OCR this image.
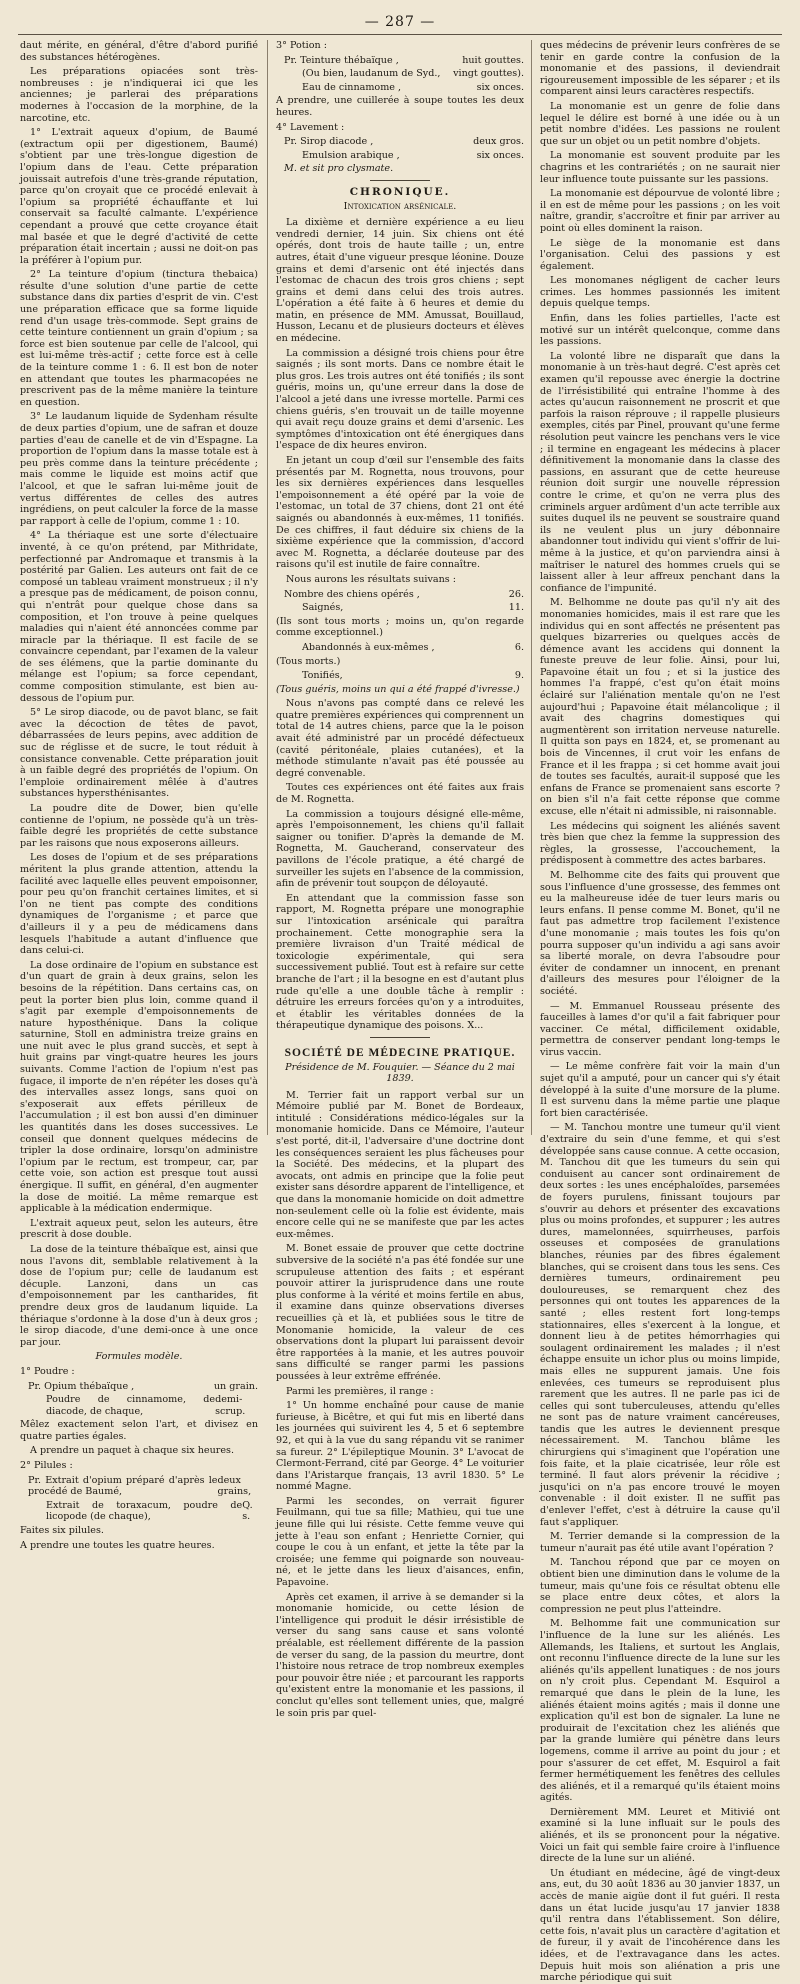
— 287 —

daut mérite, en général, d'être d'abord purifié des substances hétérogènes.

Les préparations opiacées sont très-nombreuses : je n'indiquerai ici que les anciennes; je parlerai des préparations modernes à l'occasion de la morphine, de la narcotine, etc.

1° L'extrait aqueux d'opium, de Baumé (extractum opii per digestionem, Baumé) s'obtient par une très-longue digestion de l'opium dans de l'eau. Cette préparation jouissait autrefois d'une très-grande réputation, parce qu'on croyait que ce procédé enlevait à l'opium sa propriété échauffante et lui conservait sa faculté calmante. L'expérience cependant a prouvé que cette croyance était mal basée et que le degré d'activité de cette préparation était incertain ; aussi ne doit-on pas la préférer à l'opium pur.

2° La teinture d'opium (tinctura thebaica) résulte d'une solution d'une partie de cette substance dans dix parties d'esprit de vin. C'est une préparation efficace que sa forme liquide rend d'un usage très-commode. Sept grains de cette teinture contiennent un grain d'opium ; sa force est bien soutenue par celle de l'alcool, qui est lui-même très-actif ; cette force est à celle de la teinture comme 1 : 6. Il est bon de noter en attendant que toutes les pharmacopées ne prescrivent pas de la même manière la teinture en question.

3° Le laudanum liquide de Sydenham résulte de deux parties d'opium, une de safran et douze parties d'eau de canelle et de vin d'Espagne. La proportion de l'opium dans la masse totale est à peu près comme dans la teinture précédente ; mais comme le liquide est moins actif que l'alcool, et que le safran lui-même jouit de vertus différentes de celles des autres ingrédiens, on peut calculer la force de la masse par rapport à celle de l'opium, comme 1 : 10.

4° La thériaque est une sorte d'électuaire inventé, à ce qu'on prétend, par Mithridate, perfectionné par Andromaque et transmis à la postérité par Galien. Les auteurs ont fait de ce composé un tableau vraiment monstrueux ; il n'y a presque pas de médicament, de poison connu, qui n'entrât pour quelque chose dans sa composition, et l'on trouve à peine quelques maladies qui n'aient été annoncées comme par miracle par la thériaque. Il est facile de se convaincre cependant, par l'examen de la valeur de ses élémens, que la partie dominante du mélange est l'opium; sa force cependant, comme composition stimulante, est bien au-dessous de l'opium pur.

5° Le sirop diacode, ou de pavot blanc, se fait avec la décoction de têtes de pavot, débarrassées de leurs pepins, avec addition de suc de réglisse et de sucre, le tout réduit à consistance convenable. Cette préparation jouit à un faible degré des propriétés de l'opium. On l'emploie ordinairement mêlée à d'autres substances hypersthénisantes.

La poudre dite de Dower, bien qu'elle contienne de l'opium, ne possède qu'à un très-faible degré les propriétés de cette substance par les raisons que nous exposerons ailleurs.

Les doses de l'opium et de ses préparations méritent la plus grande attention, attendu la facilité avec laquelle elles peuvent empoisonner, pour peu qu'on franchit certaines limites, et si l'on ne tient pas compte des conditions dynamiques de l'organisme ; et parce que d'ailleurs il y a peu de médicamens dans lesquels l'habitude a autant d'influence que dans celui-ci.

La dose ordinaire de l'opium en substance est d'un quart de grain à deux grains, selon les besoins de la répétition. Dans certains cas, on peut la porter bien plus loin, comme quand il s'agit par exemple d'empoisonnements de nature hyposthénique. Dans la colique saturnine, Stoll en administra treize grains en une nuit avec le plus grand succès, et sept à huit grains par vingt-quatre heures les jours suivants. Comme l'action de l'opium n'est pas fugace, il importe de n'en répéter les doses qu'à des intervalles assez longs, sans quoi on s'exposerait aux effets périlleux de l'accumulation ; il est bon aussi d'en diminuer les quantités dans les doses successives. Le conseil que donnent quelques médecins de tripler la dose ordinaire, lorsqu'on administre l'opium par le rectum, est trompeur, car, par cette voie, son action est presque tout aussi énergique. Il suffit, en général, d'en augmenter la dose de moitié. La même remarque est applicable à la médication endermique.

L'extrait aqueux peut, selon les auteurs, être prescrit à dose double.

La dose de la teinture thébaïque est, ainsi que nous l'avons dit, semblable relativement à la dose de l'opium pur; celle de laudanum est décuple. Lanzoni, dans un cas d'empoisonnement par les cantharides, fit prendre deux gros de laudanum liquide. La thériaque s'ordonne à la dose d'un à deux gros ; le sirop diacode, d'une demi-once à une once par jour.

Formules modèle.

1° Poudre :

Pr. Opium thébaïque ,	un grain.
Poudre de cinnamome, de diacode, de chaque,
demi-scrup.

Mêlez exactement selon l'art, et divisez en quatre parties égales.

A prendre un paquet à chaque six heures.

2° Pilules :

Pr. Extrait d'opium préparé d'après le procédé de Baumé,
deux grains,
Extrait de toraxacum, poudre de licopode (de chaque),
Q. s.

Faites six pilules.

A prendre une toutes les quatre heures.

3° Potion :

Pr. Teinture thébaïque ,	huit gouttes.
(Ou bien, laudanum de Syd., vingt gouttes).
Eau de cinnamome ,	six onces.

A prendre, une cuillerée à soupe toutes les deux heures.

4° Lavement :

Pr. Sirop diacode ,	deux gros.
Emulsion arabique ,	six onces.

M. et sit pro clysmate.

CHRONIQUE.

Intoxication arsénicale.

La dixième et dernière expérience a eu lieu vendredi dernier, 14 juin. Six chiens ont été opérés, dont trois de haute taille ; un, entre autres, était d'une vigueur presque léonine. Douze grains et demi d'arsenic ont été injectés dans l'estomac de chacun des trois gros chiens ; sept grains et demi dans celui des trois autres. L'opération a été faite à 6 heures et demie du matin, en présence de MM. Amussat, Bouillaud, Husson, Lecanu et de plusieurs docteurs et élèves en médecine.

La commission a désigné trois chiens pour être saignés ; ils sont morts. Dans ce nombre était le plus gros. Les trois autres ont été tonifiés ; ils sont guéris, moins un, qu'une erreur dans la dose de l'alcool a jeté dans une ivresse mortelle. Parmi ces chiens guéris, s'en trouvait un de taille moyenne qui avait reçu douze grains et demi d'arsenic. Les symptômes d'intoxication ont été énergiques dans l'espace de dix heures environ.

En jetant un coup d'œil sur l'ensemble des faits présentés par M. Rognetta, nous trouvons, pour les six dernières expériences dans lesquelles l'empoisonnement a été opéré par la voie de l'estomac, un total de 37 chiens, dont 21 ont été saignés ou abandonnés à eux-mêmes, 11 tonifiés. De ces chiffres, il faut déduire six chiens de la sixième expérience que la commission, d'accord avec M. Rognetta, a déclarée douteuse par des raisons qu'il est inutile de faire connaître.

Nous aurons les résultats suivans :

Nombre des chiens opérés ,	26.
Saignés,	11.

(Ils sont tous morts ; moins un, qu'on regarde comme exceptionnel.)

Abandonnés à eux-mêmes ,	6.

(Tous morts.)

Tonifiés,	9.

(Tous guéris, moins un qui a été frappé d'ivresse.)

Nous n'avons pas compté dans ce relevé les quatre premières expériences qui comprennent un total de 14 autres chiens, parce que la le poison avait été administré par un procédé défectueux (cavité péritonéale, plaies cutanées), et la méthode stimulante n'avait pas été poussée au degré convenable.

Toutes ces expériences ont été faites aux frais de M. Rognetta.

La commission a toujours désigné elle-même, après l'empoisonnement, les chiens qu'il fallait saigner ou tonifier. D'après la demande de M. Rognetta, M. Gaucherand, conservateur des pavillons de l'école pratique, a été chargé de surveiller les sujets en l'absence de la commission, afin de prévenir tout soupçon de déloyauté.

En attendant que la commission fasse son rapport, M. Rognetta prépare une monographie sur l'intoxication arsénicale qui paraîtra prochainement. Cette monographie sera la première livraison d'un Traité médical de toxicologie expérimentale, qui sera successivement publié. Tout est à refaire sur cette branche de l'art ; il la besogne en est d'autant plus rude qu'elle a une double tâche à remplir : détruire les erreurs forcées qu'on y a introduites, et établir les véritables données de la thérapeutique dynamique des poisons. X...

SOCIÉTÉ DE MÉDECINE PRATIQUE.

Présidence de M. Fouquier. — Séance du 2 mai 1839.

M. Terrier fait un rapport verbal sur un Mémoire publié par M. Bonet de Bordeaux, intitulé : Considérations médico-légales sur la monomanie homicide. Dans ce Mémoire, l'auteur s'est porté, dit-il, l'adversaire d'une doctrine dont les conséquences seraient les plus fâcheuses pour la Société. Des médecins, et la plupart des avocats, ont admis en principe que la folie peut exister sans désordre apparent de l'intelligence, et que dans la monomanie homicide on doit admettre non-seulement celle où la folie est évidente, mais encore celle qui ne se manifeste que par les actes eux-mêmes.

M. Bonet essaie de prouver que cette doctrine subversive de la société n'a pas été fondée sur une scrupuleuse attention des faits ; et espérant pouvoir attirer la jurisprudence dans une route plus conforme à la vérité et moins fertile en abus, il examine dans quinze observations diverses recueillies çà et là, et publiées sous le titre de Monomanie homicide, la valeur de ces observations dont la plupart lui paraissent devoir être rapportées à la manie, et les autres pouvoir sans difficulté se ranger parmi les passions poussées à leur extrême effrénée.

Parmi les premières, il range :

1° Un homme enchaîné pour cause de manie furieuse, à Bicêtre, et qui fut mis en liberté dans les journées qui suivirent les 4, 5 et 6 septembre 92, et qui à la vue du sang répandu vit se ranimer sa fureur. 2° L'épileptique Mounin. 3° L'avocat de Clermont-Ferrand, cité par George. 4° Le voiturier dans l'Aristarque français, 13 avril 1830. 5° Le nommé Magne.

Parmi les secondes, on verrait figurer Feuilmann, qui tue sa fille; Mathieu, qui tue une jeune fille qui lui résiste. Cette femme veuve qui jette à l'eau son enfant ; Henriette Cornier, qui coupe le cou à un enfant, et jette la tête par la croisée; une femme qui poignarde son nouveau-né, et le jette dans les lieux d'aisances, enfin, Papavoine.

Après cet examen, il arrive à se demander si la monomanie homicide, ou cette lésion de l'intelligence qui produit le désir irrésistible de verser du sang sans cause et sans volonté préalable, est réellement différente de la passion de verser du sang, de la passion du meurtre, dont l'histoire nous retrace de trop nombreux exemples pour pouvoir être niée ; et parcourant les rapports qu'existent entre la monomanie et les passions, il conclut qu'elles sont tellement unies, que, malgré le soin pris par quel-

ques médecins de prévenir leurs confrères de se tenir en garde contre la confusion de la monomanie et des passions, il deviendrait rigoureusement impossible de les séparer ; et ils comparent ainsi leurs caractères respectifs.

La monomanie est un genre de folie dans lequel le délire est borné à une idée ou à un petit nombre d'idées. Les passions ne roulent que sur un objet ou un petit nombre d'objets.

La monomanie est souvent produite par les chagrins et les contrariétés ; on ne saurait nier leur influence toute puissante sur les passions.

La monomanie est dépourvue de volonté libre ; il en est de même pour les passions ; on les voit naître, grandir, s'accroître et finir par arriver au point où elles dominent la raison.

Le siège de la monomanie est dans l'organisation. Celui des passions y est également.

Les monomanes négligent de cacher leurs crimes. Les hommes passionnés les imitent depuis quelque temps.

Enfin, dans les folies partielles, l'acte est motivé sur un intérêt quelconque, comme dans les passions.

La volonté libre ne disparaît que dans la monomanie à un très-haut degré. C'est après cet examen qu'il repousse avec énergie la doctrine de l'irrésistibilité qui entraîne l'homme à des actes qu'aucun raisonnement ne proscrit et que parfois la raison réprouve ; il rappelle plusieurs exemples, cités par Pinel, prouvant qu'une ferme résolution peut vaincre les penchans vers le vice ; il termine en engageant les médecins à placer définitivement la monomanie dans la classe des passions, en assurant que de cette heureuse réunion doit surgir une nouvelle répression contre le crime, et qu'on ne verra plus des criminels arguer ardûment d'un acte terrible aux suites duquel ils ne peuvent se soustraire quand ils ne veulent plus un jury débonnaire abandonner tout individu qui vient s'offrir de lui-même à la justice, et qu'on parviendra ainsi à maîtriser le naturel des hommes cruels qui se laissent aller à leur affreux penchant dans la confiance de l'impunité.

M. Belhomme ne doute pas qu'il n'y ait des monomanies homicides, mais il est rare que les individus qui en sont affectés ne présentent pas quelques bizarreries ou quelques accès de démence avant les accidens qui donnent la funeste preuve de leur folie. Ainsi, pour lui, Papavoine était un fou ; et si la justice des hommes l'a frappé, c'est qu'on était moins éclairé sur l'aliénation mentale qu'on ne l'est aujourd'hui ; Papavoine était mélancolique ; il avait des chagrins domestiques qui augmentèrent son irritation nerveuse naturelle. Il quitta son pays en 1824, et, se promenant au bois de Vincennes, il crut voir les enfans de France et il les frappa ; si cet homme avait joui de toutes ses facultés, aurait-il supposé que les enfans de France se promenaient sans escorte ? on bien s'il n'a fait cette réponse que comme excuse, elle n'était ni admissible, ni raisonnable.

Les médecins qui soignent les aliénés savent très bien que chez la femme la suppression des règles, la grossesse, l'accouchement, la prédisposent à commettre des actes barbares.

M. Belhomme cite des faits qui prouvent que sous l'influence d'une grossesse, des femmes ont eu la malheureuse idée de tuer leurs maris ou leurs enfans. Il pense comme M. Bonet, qu'il ne faut pas admettre trop facilement l'existence d'une monomanie ; mais toutes les fois qu'on pourra supposer qu'un individu a agi sans avoir sa liberté morale, on devra l'absoudre pour éviter de condamner un innocent, en prenant d'ailleurs des mesures pour l'éloigner de la société.

— M. Emmanuel Rousseau présente des fauceilles à lames d'or qu'il a fait fabriquer pour vacciner. Ce métal, difficilement oxidable, permettra de conserver pendant long-temps le virus vaccin.

— Le même confrère fait voir la main d'un sujet qu'il a amputé, pour un cancer qui s'y était développé à la suite d'une morsure de la plume. Il est survenu dans la même partie une plaque fort bien caractérisée.

— M. Tanchou montre une tumeur qu'il vient d'extraire du sein d'une femme, et qui s'est développée sans cause connue. A cette occasion, M. Tanchou dit que les tumeurs du sein qui conduisent au cancer sont ordinairement de deux sortes : les unes encéphaloïdes, parsemées de foyers purulens, finissant toujours par s'ouvrir au dehors et présenter des excavations plus ou moins profondes, et suppurer ; les autres dures, mamelonnées, squirrheuses, parfois osseuses et composées de granulations blanches, réunies par des fibres également blanches, qui se croisent dans tous les sens. Ces dernières tumeurs, ordinairement peu douloureuses, se remarquent chez des personnes qui ont toutes les apparences de la santé ; elles restent fort long-temps stationnaires, elles s'exercent à la longue, et donnent lieu à de petites hémorrhagies qui soulagent ordinairement les malades ; il n'est échappe ensuite un ichor plus ou moins limpide, mais elles ne suppurent jamais. Une fois enlevées, ces tumeurs se reproduisent plus rarement que les autres. Il ne parle pas ici de celles qui sont tuberculeuses, attendu qu'elles ne sont pas de nature vraiment cancéreuses, tandis que les autres le deviennent presque nécessairement. M. Tanchou blâme les chirurgiens qui s'imaginent que l'opération une fois faite, et la plaie cicatrisée, leur rôle est terminé. Il faut alors prévenir la récidive ; jusqu'ici on n'a pas encore trouvé le moyen convenable : il doit exister. Il ne suffit pas d'enlever l'effet, c'est à détruire la cause qu'il faut s'appliquer.

M. Terrier demande si la compression de la tumeur n'aurait pas été utile avant l'opération ?

M. Tanchou répond que par ce moyen on obtient bien une diminution dans le volume de la tumeur, mais qu'une fois ce résultat obtenu elle se place entre deux côtes, et alors la compression ne peut plus l'atteindre.

M. Belhomme fait une communication sur l'influence de la lune sur les aliénés. Les Allemands, les Italiens, et surtout les Anglais, ont reconnu l'influence directe de la lune sur les aliénés qu'ils appellent lunatiques : de nos jours on n'y croit plus. Cependant M. Esquirol a remarqué que dans le plein de la lune, les aliénés étaient moins agités ; mais il donne une explication qu'il est bon de signaler. La lune ne produirait de l'excitation chez les aliénés que par la grande lumière qui pénètre dans leurs logemens, comme il arrive au point du jour ; et pour s'assurer de cet effet, M. Esquirol a fait fermer hermétiquement les fenêtres des cellules des aliénés, et il a remarqué qu'ils étaient moins agités.

Dernièrement MM. Leuret et Mitivié ont examiné si la lune influait sur le pouls des aliénés, et ils se prononcent pour la négative. Voici un fait qui semble faire croire à l'influence directe de la lune sur un aliéné.

Un étudiant en médecine, âgé de vingt-deux ans, eut, du 30 août 1836 au 30 janvier 1837, un accès de manie aigüe dont il fut guéri. Il resta dans un état lucide jusqu'au 17 janvier 1838 qu'il rentra dans l'établissement. Son délire, cette fois, n'avait plus un caractère d'agitation et de fureur, il y avait de l'incohérence dans les idées, et de l'extravagance dans les actes. Depuis huit mois son aliénation a pris une marche périodique qui suit
